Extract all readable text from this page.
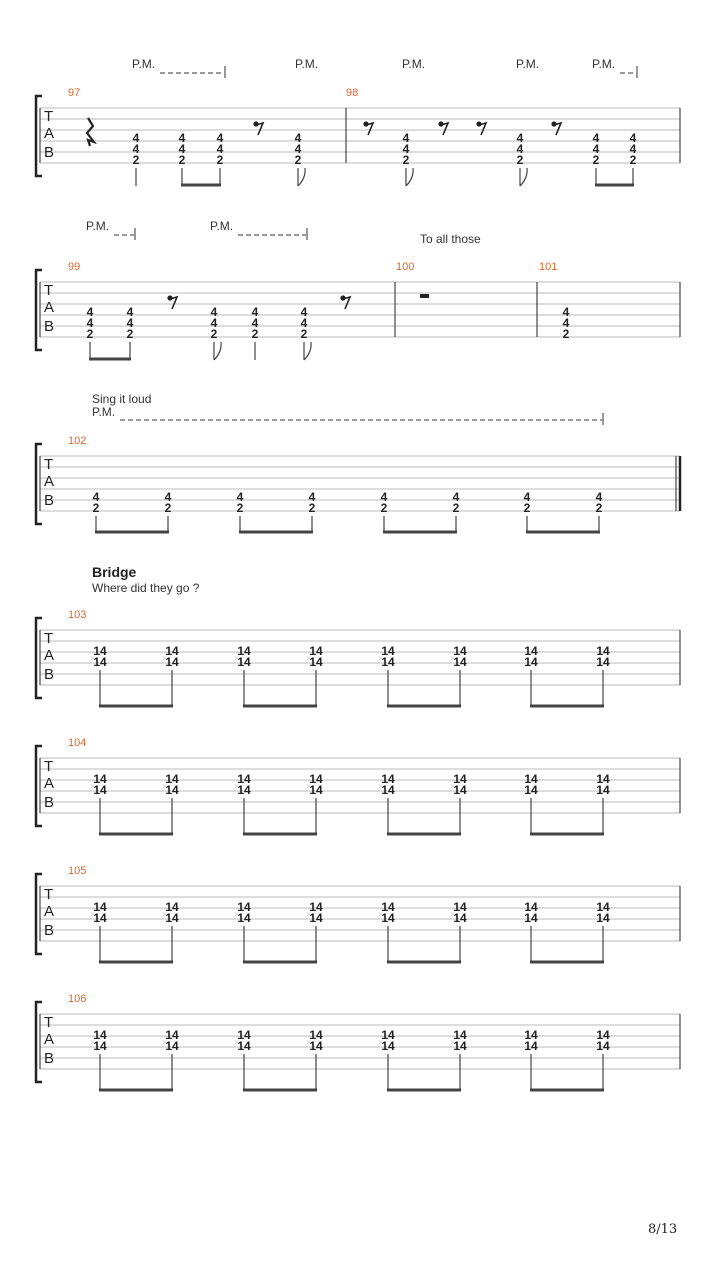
T
A
B
97	98
P.M.	P.M.	P.M.	P.M.	P.M.
4
4
2
4
4
2
4
4
2
4
4
2
4
4
2
4
4
2
4
4
2
4
4
2
T
A
B
99	100	101
P.M.	P.M.
4
4
2
4
4
2
4
4
2
4
4
2
4
4
2
4
4
2
To all those
Sing it loud
P.M.
T
A
B
102
4
2
4
2
4
2
4
2
4
2
4
2
4
2
4
2
Bridge
Where did they go ?
T
A
B
103
14
14
14
14
14
14
14
14
14
14
14
14
14
14
14
14
T
A
B
104
14
14
14
14
14
14
14
14
14
14
14
14
14
14
14
14
T
A
B
105
14
14
14
14
14
14
14
14
14
14
14
14
14
14
14
14
T
A
B
106
14
14
14
14
14
14
14
14
14
14
14
14
14
14
14
14
8/13
